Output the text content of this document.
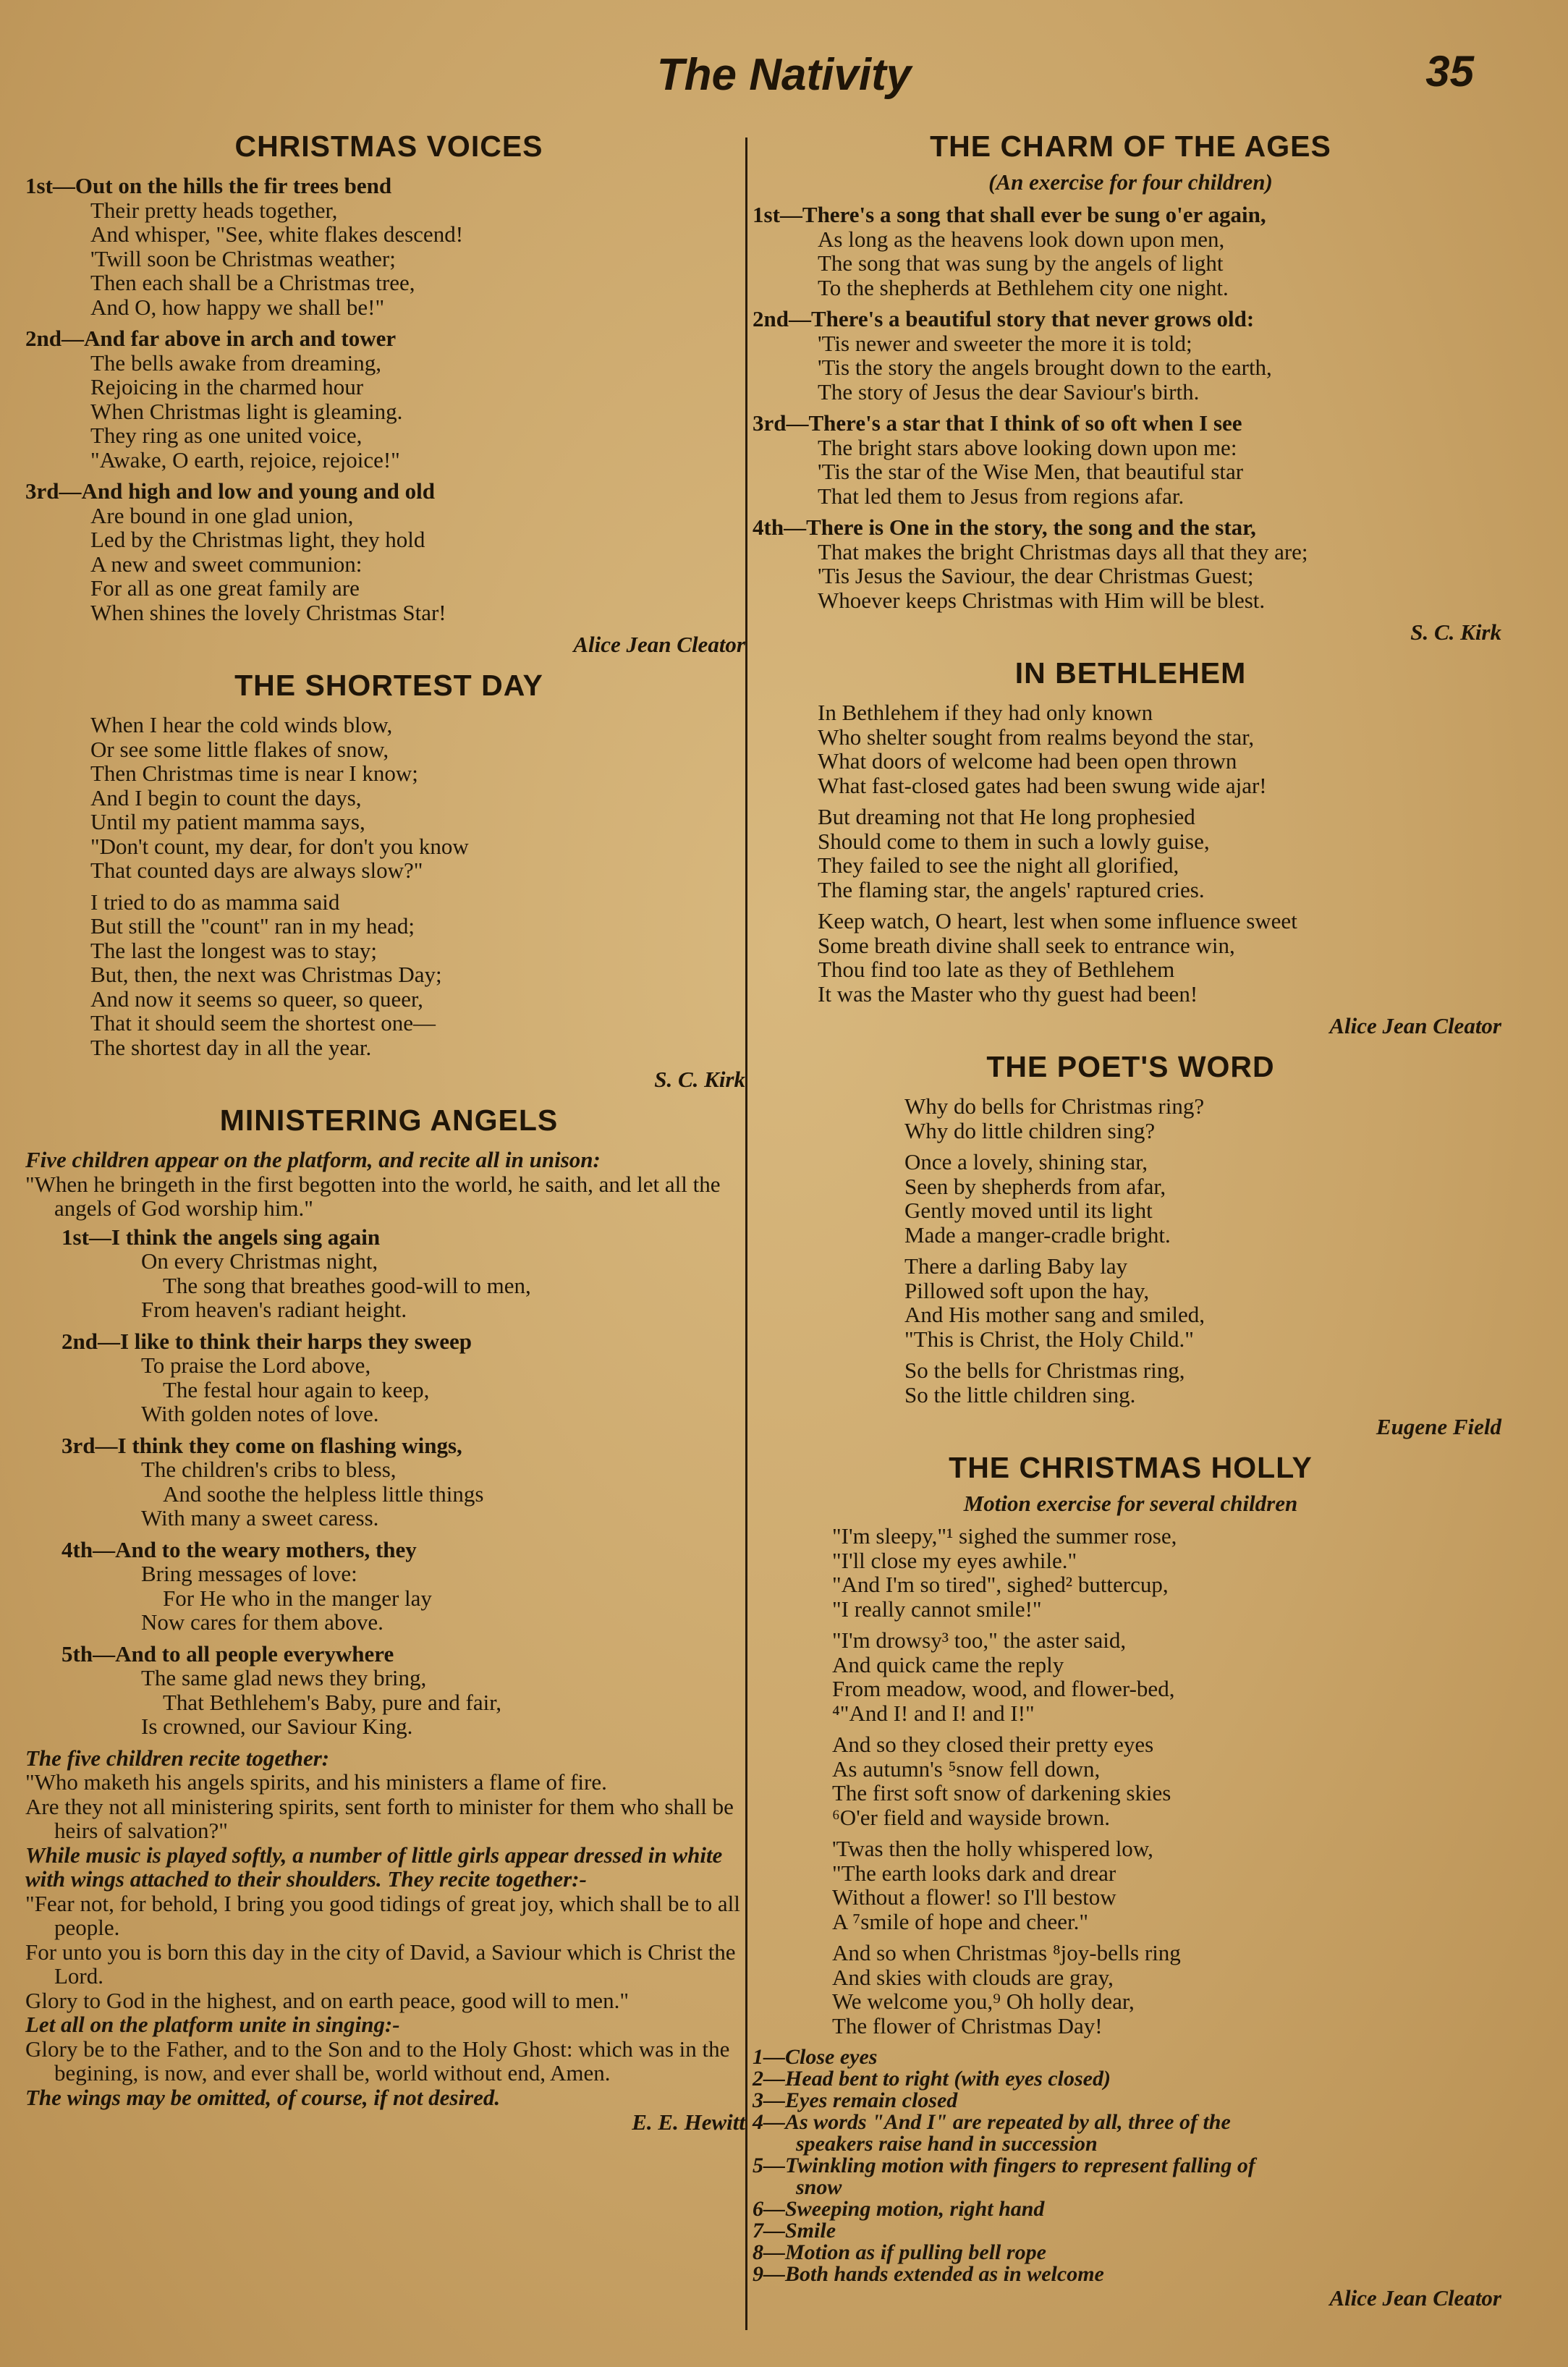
The Nativity	35
CHRISTMAS VOICES
1st—Out on the hills the fir trees bend
Their pretty heads together,
And whisper, "See, white flakes descend!
'Twill soon be Christmas weather;
Then each shall be a Christmas tree,
And O, how happy we shall be!"
2nd—And far above in arch and tower
The bells awake from dreaming,
Rejoicing in the charmed hour
When Christmas light is gleaming.
They ring as one united voice,
"Awake, O earth, rejoice, rejoice!"
3rd—And high and low and young and old
Are bound in one glad union,
Led by the Christmas light, they hold
A new and sweet communion:
For all as one great family are
When shines the lovely Christmas Star!
Alice Jean Cleator
THE SHORTEST DAY
When I hear the cold winds blow,
Or see some little flakes of snow,
Then Christmas time is near I know;
And I begin to count the days,
Until my patient mamma says,
"Don't count, my dear, for don't you know
That counted days are always slow?"
I tried to do as mamma said
But still the "count" ran in my head;
The last the longest was to stay;
But, then, the next was Christmas Day;
And now it seems so queer, so queer,
That it should seem the shortest one—
The shortest day in all the year.
S. C. Kirk
MINISTERING ANGELS
Five children appear on the platform, and recite all in unison:
"When he bringeth in the first begotten into the world, he saith, and let all the angels of God worship him."
1st—I think the angels sing again
On every Christmas night,
The song that breathes good-will to men,
From heaven's radiant height.
2nd—I like to think their harps they sweep
To praise the Lord above,
The festal hour again to keep,
With golden notes of love.
3rd—I think they come on flashing wings,
The children's cribs to bless,
And soothe the helpless little things
With many a sweet caress.
4th—And to the weary mothers, they
Bring messages of love:
For He who in the manger lay
Now cares for them above.
5th—And to all people everywhere
The same glad news they bring,
That Bethlehem's Baby, pure and fair,
Is crowned, our Saviour King.
The five children recite together:
"Who maketh his angels spirits, and his ministers a flame of fire.
Are they not all ministering spirits, sent forth to minister for them who shall be heirs of salvation?"
While music is played softly, a number of little girls appear dressed in white with wings attached to their shoulders. They recite together:-
"Fear not, for behold, I bring you good tidings of great joy, which shall be to all people.
For unto you is born this day in the city of David, a Saviour which is Christ the Lord.
Glory to God in the highest, and on earth peace, good will to men."
Let all on the platform unite in singing:-
Glory be to the Father, and to the Son and to the Holy Ghost: which was in the begining, is now, and ever shall be, world without end, Amen.
The wings may be omitted, of course, if not desired.
E. E. Hewitt
THE CHARM OF THE AGES
(An exercise for four children)
1st—There's a song that shall ever be sung o'er again,
As long as the heavens look down upon men,
The song that was sung by the angels of light
To the shepherds at Bethlehem city one night.
2nd—There's a beautiful story that never grows old:
'Tis newer and sweeter the more it is told;
'Tis the story the angels brought down to the earth,
The story of Jesus the dear Saviour's birth.
3rd—There's a star that I think of so oft when I see
The bright stars above looking down upon me:
'Tis the star of the Wise Men, that beautiful star
That led them to Jesus from regions afar.
4th—There is One in the story, the song and the star,
That makes the bright Christmas days all that they are;
'Tis Jesus the Saviour, the dear Christmas Guest;
Whoever keeps Christmas with Him will be blest.
S. C. Kirk
IN BETHLEHEM
In Bethlehem if they had only known
Who shelter sought from realms beyond the star,
What doors of welcome had been open thrown
What fast-closed gates had been swung wide ajar!
But dreaming not that He long prophesied
Should come to them in such a lowly guise,
They failed to see the night all glorified,
The flaming star, the angels' raptured cries.
Keep watch, O heart, lest when some influence sweet
Some breath divine shall seek to entrance win,
Thou find too late as they of Bethlehem
It was the Master who thy guest had been!
Alice Jean Cleator
THE POET'S WORD
Why do bells for Christmas ring?
Why do little children sing?
Once a lovely, shining star,
Seen by shepherds from afar,
Gently moved until its light
Made a manger-cradle bright.
There a darling Baby lay
Pillowed soft upon the hay,
And His mother sang and smiled,
"This is Christ, the Holy Child."
So the bells for Christmas ring,
So the little children sing.
Eugene Field
THE CHRISTMAS HOLLY
Motion exercise for several children
"I'm sleepy,"¹ sighed the summer rose,
"I'll close my eyes awhile."
"And I'm so tired", sighed² buttercup,
"I really cannot smile!"
"I'm drowsy³ too," the aster said,
And quick came the reply
From meadow, wood, and flower-bed,
⁴"And I! and I! and I!"
And so they closed their pretty eyes
As autumn's ⁵snow fell down,
The first soft snow of darkening skies
⁶O'er field and wayside brown.
'Twas then the holly whispered low,
"The earth looks dark and drear
Without a flower! so I'll bestow
A ⁷smile of hope and cheer."
And so when Christmas ⁸joy-bells ring
And skies with clouds are gray,
We welcome you,⁹ Oh holly dear,
The flower of Christmas Day!
1—Close eyes
2—Head bent to right (with eyes closed)
3—Eyes remain closed
4—As words "And I" are repeated by all, three of the
speakers raise hand in succession
5—Twinkling motion with fingers to represent falling of
snow
6—Sweeping motion, right hand
7—Smile
8—Motion as if pulling bell rope
9—Both hands extended as in welcome
Alice Jean Cleator
